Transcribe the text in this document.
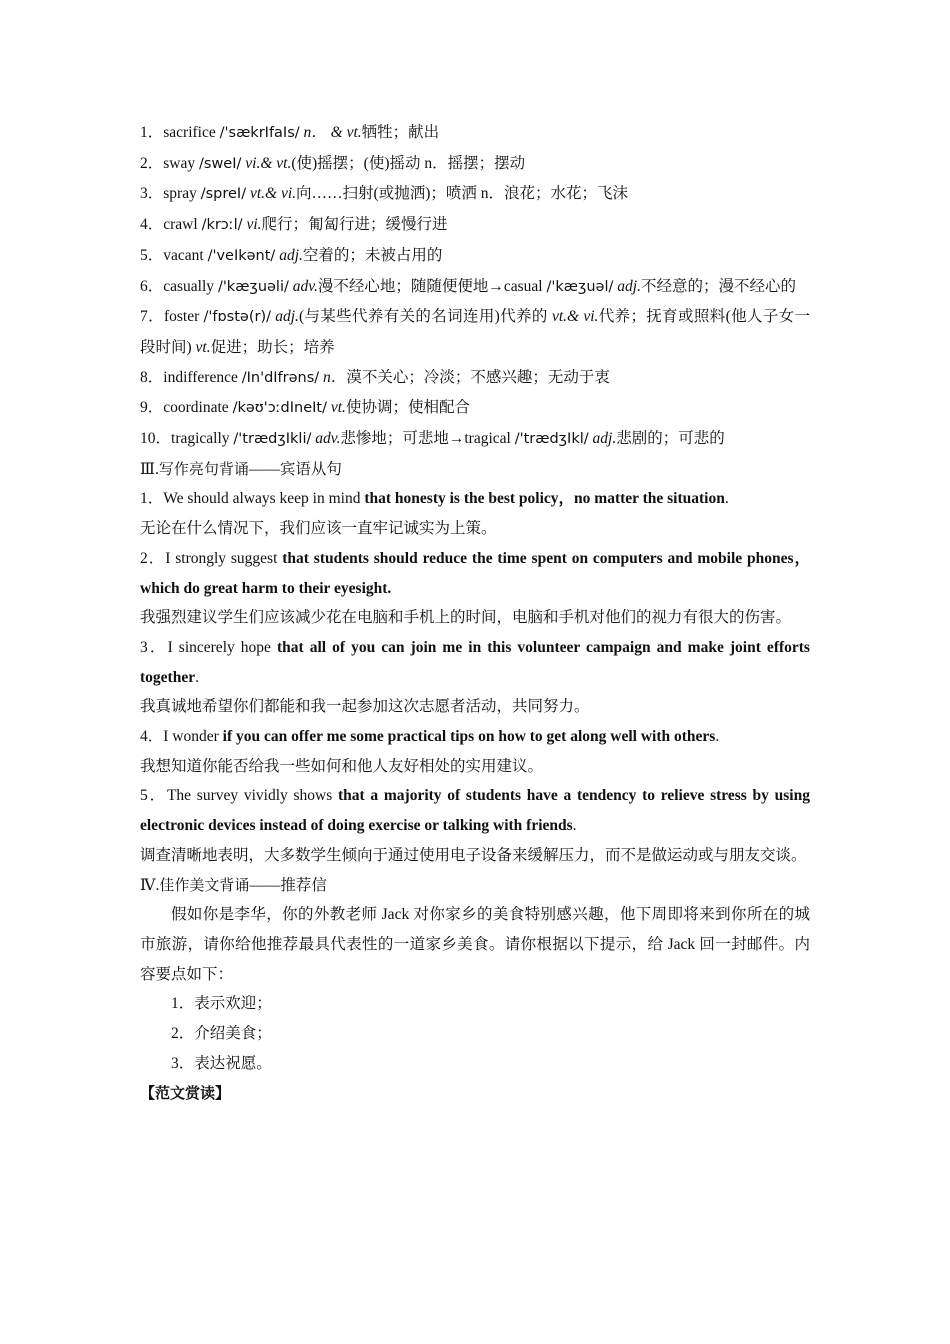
1．sacrifice /'sækrIfaIs/ n． & vt.牺牲；献出
2．sway /sweI/ vi.& vt.(使)摇摆；(使)摇动 n．摇摆；摆动
3．spray /spreI/ vt.& vi.向……扫射(或抛洒)；喷洒 n．浪花；水花；飞沫
4．crawl /krɔːl/ vi.爬行；匍匐行进；缓慢行进
5．vacant /'veIkənt/ adj.空着的；未被占用的
6．casually /'kæʒuəli/ adv.漫不经心地；随随便便地→casual /'kæʒuəl/ adj.不经意的；漫不经心的
7．foster /'fɒstə(r)/ adj.(与某些代养有关的名词连用)代养的 vt.& vi.代养；抚育或照料(他人子女一段时间) vt.促进；助长；培养
8．indifference /In'dIfrəns/ n．漠不关心；冷淡；不感兴趣；无动于衷
9．coordinate /kəʊ'ɔːdIneIt/ vt.使协调；使相配合
10．tragically /'trædʒIkli/ adv.悲惨地；可悲地→tragical /'trædʒIkl/ adj.悲剧的；可悲的
Ⅲ.写作亮句背诵——宾语从句
1．We should always keep in mind that honesty is the best policy，no matter the situation.
无论在什么情况下，我们应该一直牢记诚实为上策。
2．I strongly suggest that students should reduce the time spent on computers and mobile phones，which do great harm to their eyesight.
我强烈建议学生们应该减少花在电脑和手机上的时间，电脑和手机对他们的视力有很大的伤害。
3．I sincerely hope that all of you can join me in this volunteer campaign and make joint efforts together.
我真诚地希望你们都能和我一起参加这次志愿者活动，共同努力。
4．I wonder if you can offer me some practical tips on how to get along well with others.
我想知道你能否给我一些如何和他人友好相处的实用建议。
5．The survey vividly shows that a majority of students have a tendency to relieve stress by using electronic devices instead of doing exercise or talking with friends.
调查清晰地表明，大多数学生倾向于通过使用电子设备来缓解压力，而不是做运动或与朋友交谈。
Ⅳ.佳作美文背诵——推荐信
假如你是李华，你的外教老师 Jack 对你家乡的美食特别感兴趣，他下周即将来到你所在的城市旅游，请你给他推荐最具代表性的一道家乡美食。请你根据以下提示，给 Jack 回一封邮件。内容要点如下：
1．表示欢迎；
2．介绍美食；
3．表达祝愿。
【范文赏读】
